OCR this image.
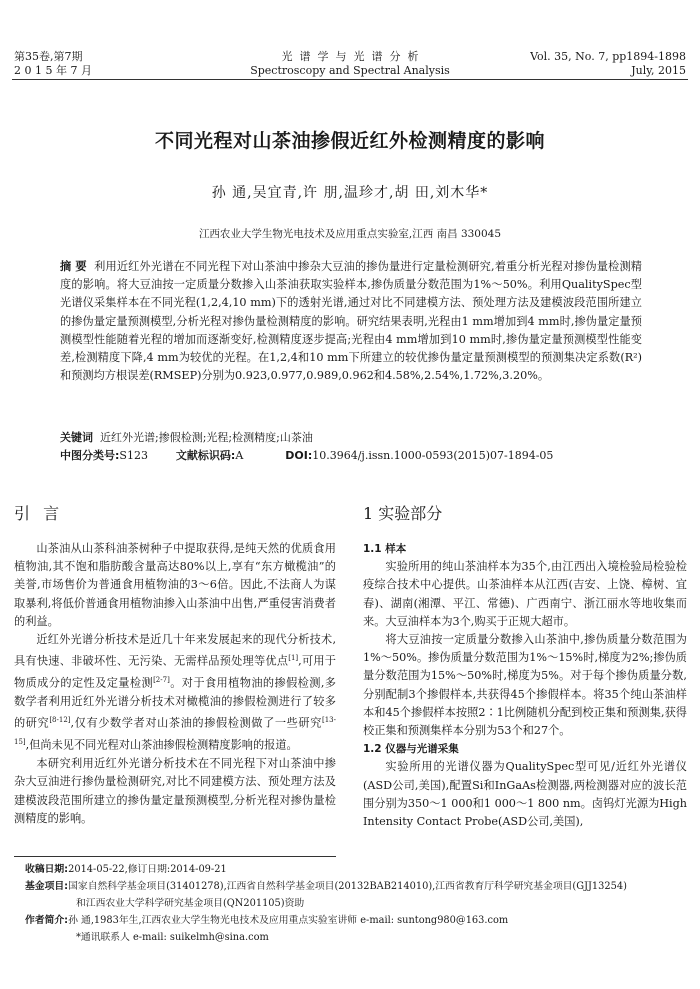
第35卷,第7期
2 0 1 5 年 7 月
光  谱  学  与  光  谱  分  析
Spectroscopy and Spectral Analysis
Vol. 35, No. 7, pp1894-1898
July, 2015
不同光程对山茶油掺假近红外检测精度的影响
孙 通,吴宜青,许 朋,温珍才,胡 田,刘木华*
江西农业大学生物光电技术及应用重点实验室,江西 南昌 330045
摘 要 利用近红外光谱在不同光程下对山茶油中掺杂大豆油的掺伪量进行定量检测研究,着重分析光程对掺伪量检测精度的影响。将大豆油按一定质量分数掺入山茶油获取实验样本,掺伪质量分数范围为1%～50%。利用QualitySpec型光谱仪采集样本在不同光程(1,2,4,10 mm)下的透射光谱,通过对比不同建模方法、预处理方法及建模波段范围所建立的掺伪量定量预测模型,分析光程对掺伪量检测精度的影响。研究结果表明,光程由1 mm增加到4 mm时,掺伪量定量预测模型性能随着光程的增加而逐渐变好,检测精度逐步提高;光程由4 mm增加到10 mm时,掺伪量定量预测模型性能变差,检测精度下降,4 mm为较优的光程。在1,2,4和10 mm下所建立的较优掺伪量定量预测模型的预测集决定系数(R²)和预测均方根误差(RMSEP)分别为0.923,0.977,0.989,0.962和4.58%,2.54%,1.72%,3.20%。
关键词 近红外光谱;掺假检测;光程;检测精度;山茶油
中图分类号:S123	文献标识码:A	DOI:10.3964/j.issn.1000-0593(2015)07-1894-05
引 言	1 实验部分

山茶油从山茶科油茶树种子中提取获得,是纯天然的优质食用植物油,其不饱和脂肪酸含量高达80%以上,享有“东方橄榄油”的美誉,市场售价为普通食用植物油的3～6倍。因此,不法商人为谋取暴利,将低价普通食用植物油掺入山茶油中出售,严重侵害消费者的利益。

近红外光谱分析技术是近几十年来发展起来的现代分析技术,具有快速、非破坏性、无污染、无需样品预处理等优点[1],可用于物质成分的定性及定量检测[2-7]。对于食用植物油的掺假检测,多数学者利用近红外光谱分析技术对橄榄油的掺假检测进行了较多的研究[8-12],仅有少数学者对山茶油的掺假检测做了一些研究[13-15],但尚未见不同光程对山茶油掺假检测精度影响的报道。

本研究利用近红外光谱分析技术在不同光程下对山茶油中掺杂大豆油进行掺伪量检测研究,对比不同建模方法、预处理方法及建模波段范围所建立的掺伪量定量预测模型,分析光程对掺伪量检测精度的影响。

1.1 样本

实验所用的纯山茶油样本为35个,由江西出入境检验局检验检疫综合技术中心提供。山茶油样本从江西(吉安、上饶、樟树、宜春)、湖南(湘潭、平江、常德)、广西南宁、浙江丽水等地收集而来。大豆油样本为3个,购买于正规大超市。

将大豆油按一定质量分数掺入山茶油中,掺伪质量分数范围为1%～50%。掺伪质量分数范围为1%～15%时,梯度为2%;掺伪质量分数范围为15%～50%时,梯度为5%。对于每个掺伪质量分数,分别配制3个掺假样本,共获得45个掺假样本。将35个纯山茶油样本和45个掺假样本按照2∶1比例随机分配到校正集和预测集,获得校正集和预测集样本分别为53个和27个。

1.2 仪器与光谱采集

实验所用的光谱仪器为QualitySpec型可见/近红外光谱仪(ASD公司,美国),配置Si和InGaAs检测器,两检测器对应的波长范围分别为350～1 000和1 000～1 800 nm。卤钨灯光源为High Intensity Contact Probe(ASD公司,美国),

收稿日期:2014-05-22,修订日期:2014-09-21
基金项目:国家自然科学基金项目(31401278),江西省自然科学基金项目(20132BAB214010),江西省教育厅科学研究基金项目(GJJ13254)
和江西农业大学科学研究基金项目(QN201105)资助
作者简介:孙 通,1983年生,江西农业大学生物光电技术及应用重点实验室讲师 e-mail: suntong980@163.com
*通讯联系人 e-mail: suikelmh@sina.com
